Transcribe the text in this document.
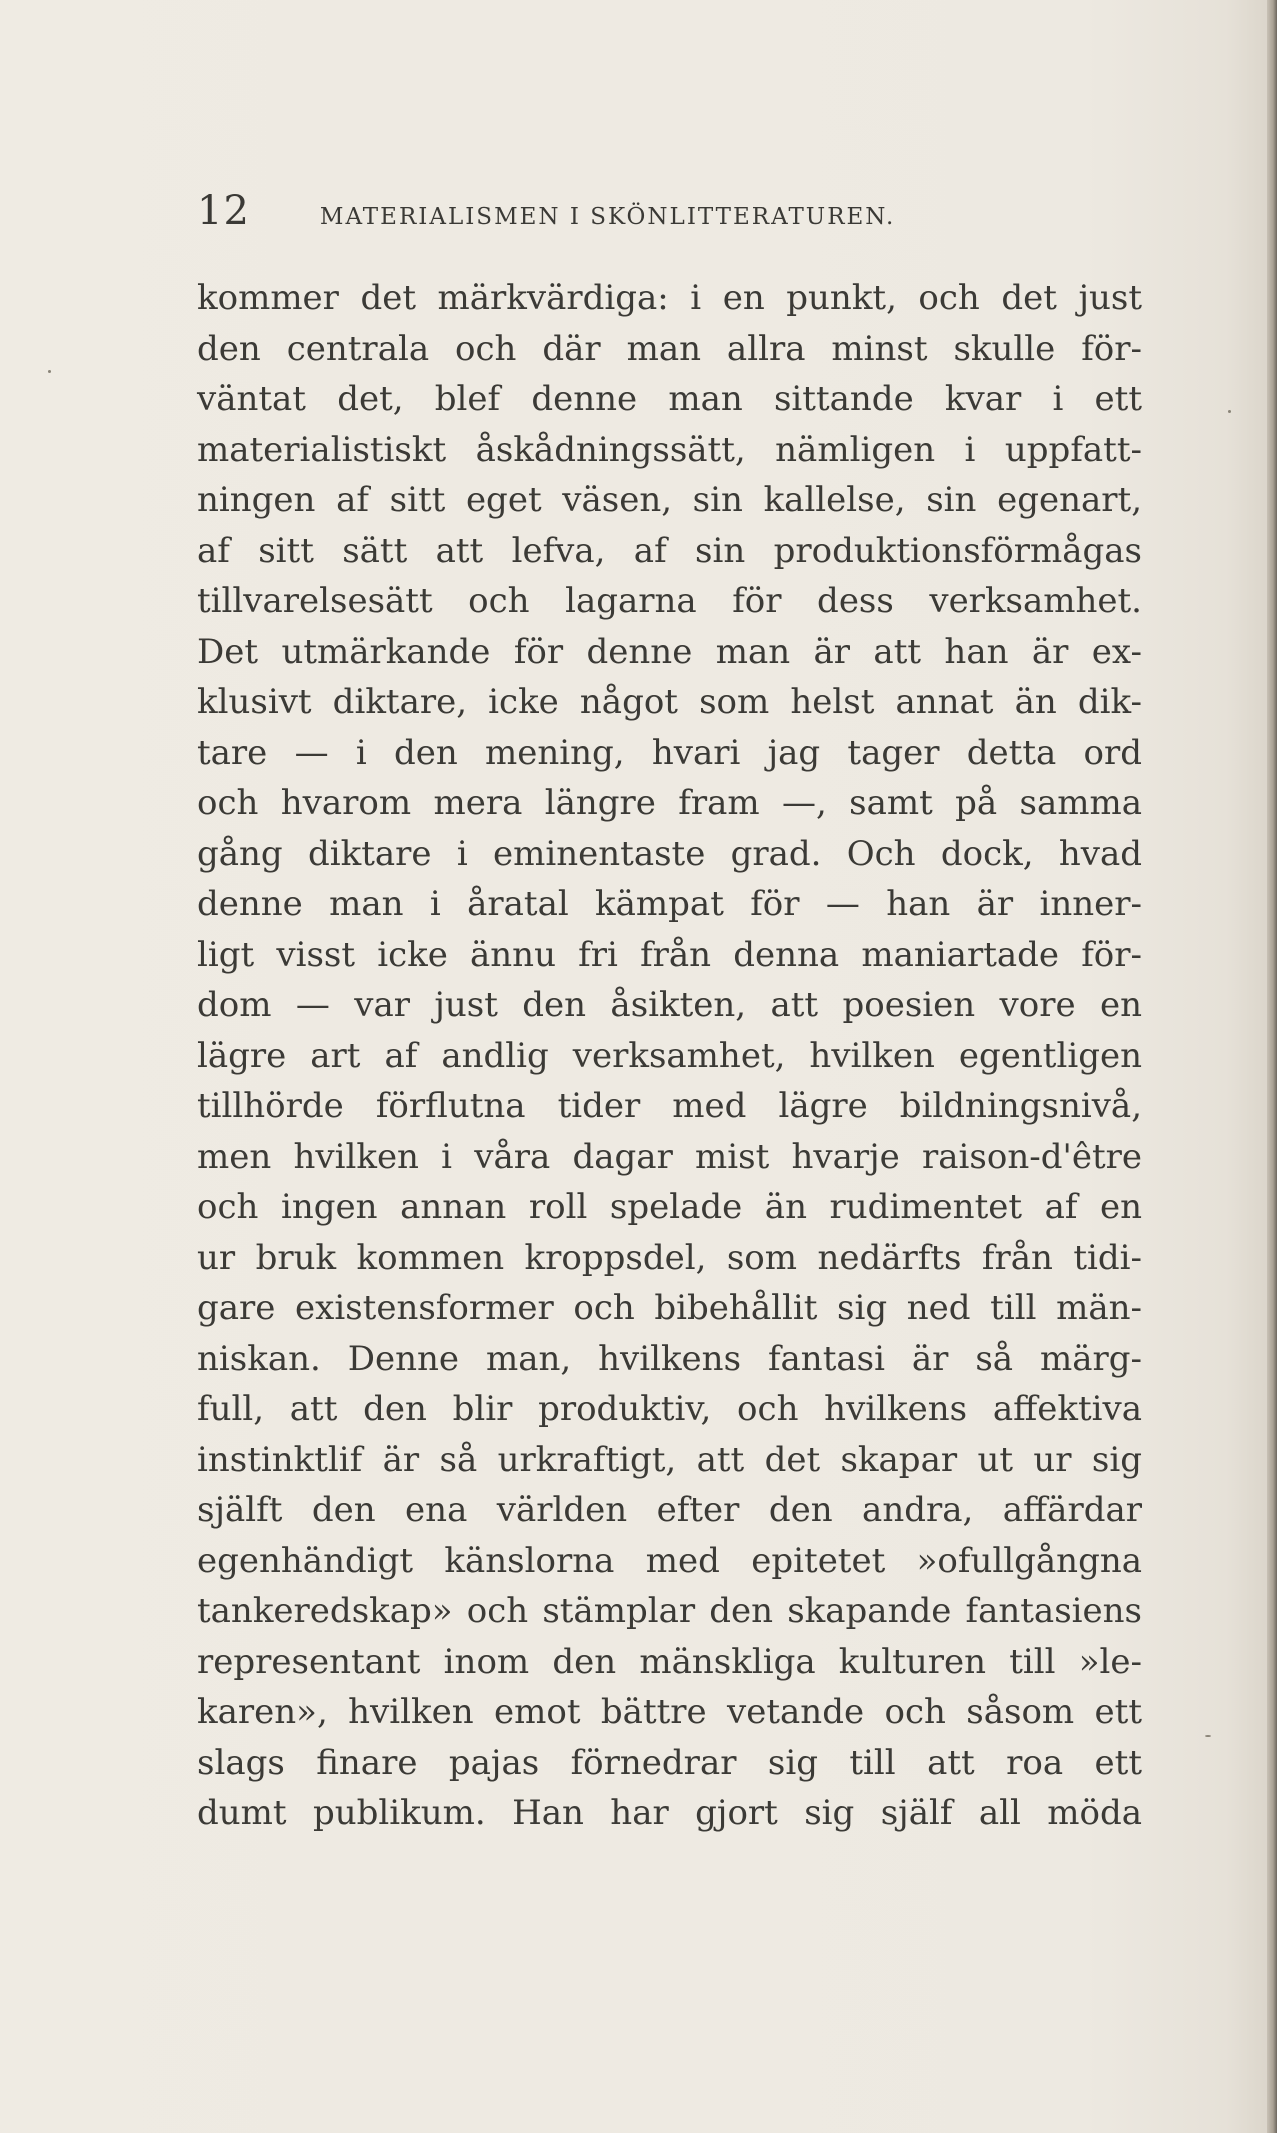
12	MATERIALISMEN I SKÖNLITTERATUREN.
kommer det märkvärdiga: i en punkt, och det just
den centrala och där man allra minst skulle för-
väntat det, blef denne man sittande kvar i ett
materialistiskt åskådningssätt, nämligen i uppfatt-
ningen af sitt eget väsen, sin kallelse, sin egenart,
af sitt sätt att lefva, af sin produktionsförmågas
tillvarelsesätt och lagarna för dess verksamhet.
Det utmärkande för denne man är att han är ex-
klusivt diktare, icke något som helst annat än dik-
tare — i den mening, hvari jag tager detta ord
och hvarom mera längre fram —, samt på samma
gång diktare i eminentaste grad. Och dock, hvad
denne man i åratal kämpat för — han är inner-
ligt visst icke ännu fri från denna maniartade för-
dom — var just den åsikten, att poesien vore en
lägre art af andlig verksamhet, hvilken egentligen
tillhörde förflutna tider med lägre bildningsnivå,
men hvilken i våra dagar mist hvarje raison-d'être
och ingen annan roll spelade än rudimentet af en
ur bruk kommen kroppsdel, som nedärfts från tidi-
gare existensformer och bibehållit sig ned till män-
niskan. Denne man, hvilkens fantasi är så märg-
full, att den blir produktiv, och hvilkens affektiva
instinktlif är så urkraftigt, att det skapar ut ur sig
själft den ena världen efter den andra, affärdar
egenhändigt känslorna med epitetet »ofullgångna
tankeredskap» och stämplar den skapande fantasiens
representant inom den mänskliga kulturen till »le-
karen», hvilken emot bättre vetande och såsom ett
slags finare pajas förnedrar sig till att roa ett
dumt publikum. Han har gjort sig själf all möda
